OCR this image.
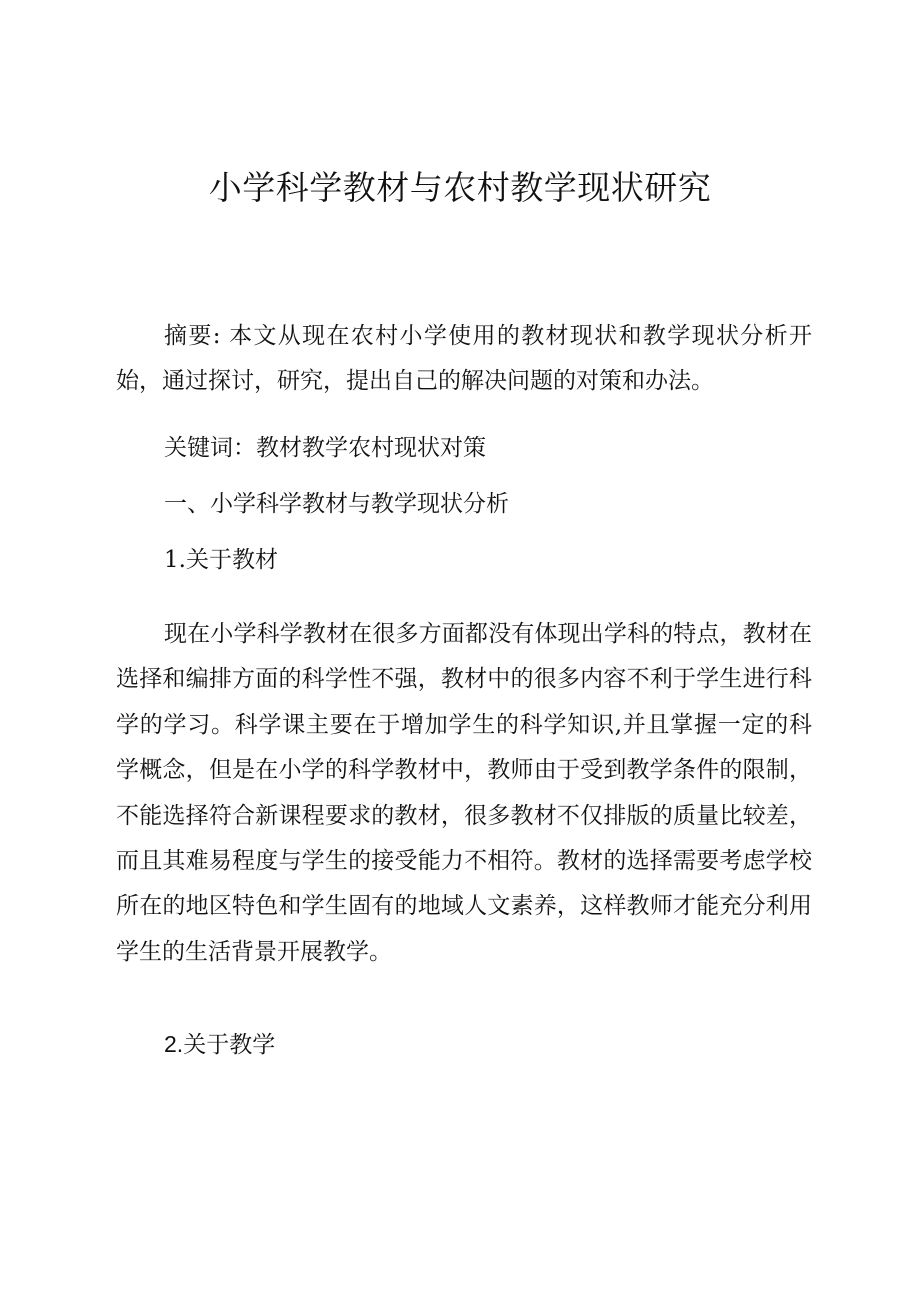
小学科学教材与农村教学现状研究

摘要: 本文从现在农村小学使用的教材现状和教学现状分析开始，通过探讨，研究，提出自己的解决问题的对策和办法。

关键词：教材教学农村现状对策

一、小学科学教材与教学现状分析

1.关于教材

现在小学科学教材在很多方面都没有体现出学科的特点，教材在选择和编排方面的科学性不强，教材中的很多内容不利于学生进行科学的学习。科学课主要在于增加学生的科学知识,并且掌握一定的科学概念，但是在小学的科学教材中，教师由于受到教学条件的限制，不能选择符合新课程要求的教材，很多教材不仅排版的质量比较差，而且其难易程度与学生的接受能力不相符。教材的选择需要考虑学校所在的地区特色和学生固有的地域人文素养，这样教师才能充分利用学生的生活背景开展教学。

2.关于教学
